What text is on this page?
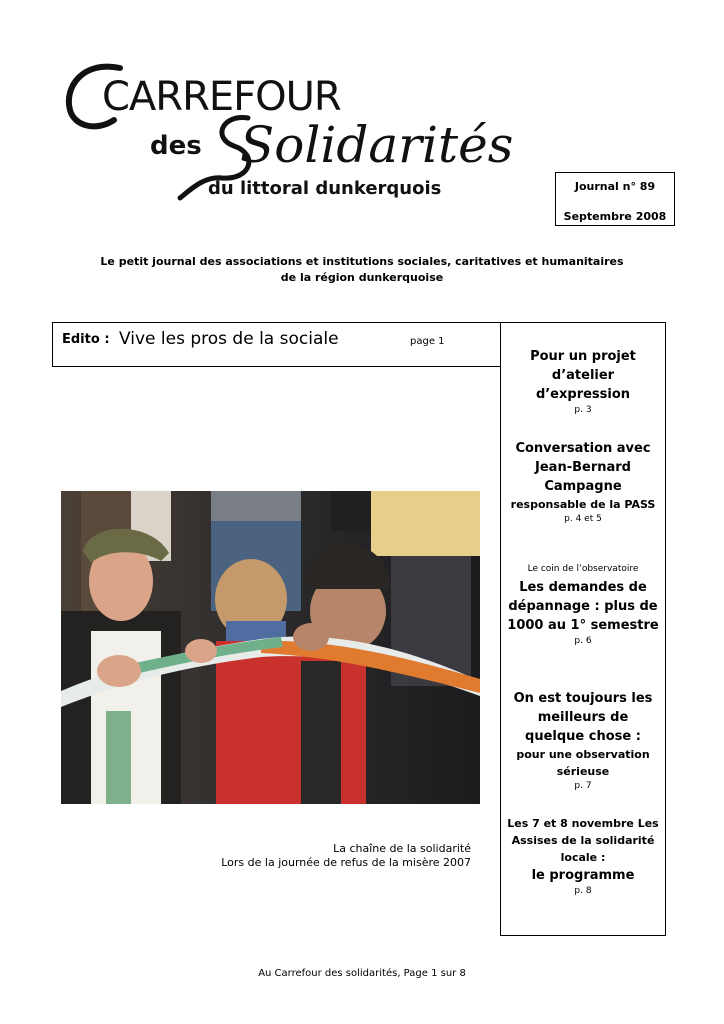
CARREFOUR
des Solidarités
du littoral dunkerquois	Journal n° 89
Septembre 2008
Le petit journal des associations et institutions sociales, caritatives et humanitaires
de la région dunkerquoise
Edito : Vive les pros de la sociale	page 1
Pour un projet d’atelier d’expression
p. 3
Conversation avec Jean-Bernard Campagne
responsable de la PASS
p. 4 et 5
Le coin de l’observatoire
Les demandes de dépannage : plus de 1000 au 1° semestre
p. 6
On est toujours les meilleurs de quelque chose :
pour une observation sérieuse
p. 7
Les 7 et 8 novembre Les Assises de la solidarité locale :
le programme
p. 8
La chaîne de la solidarité
Lors de la journée de refus de la misère 2007
Au Carrefour des solidarités, Page 1 sur 8
